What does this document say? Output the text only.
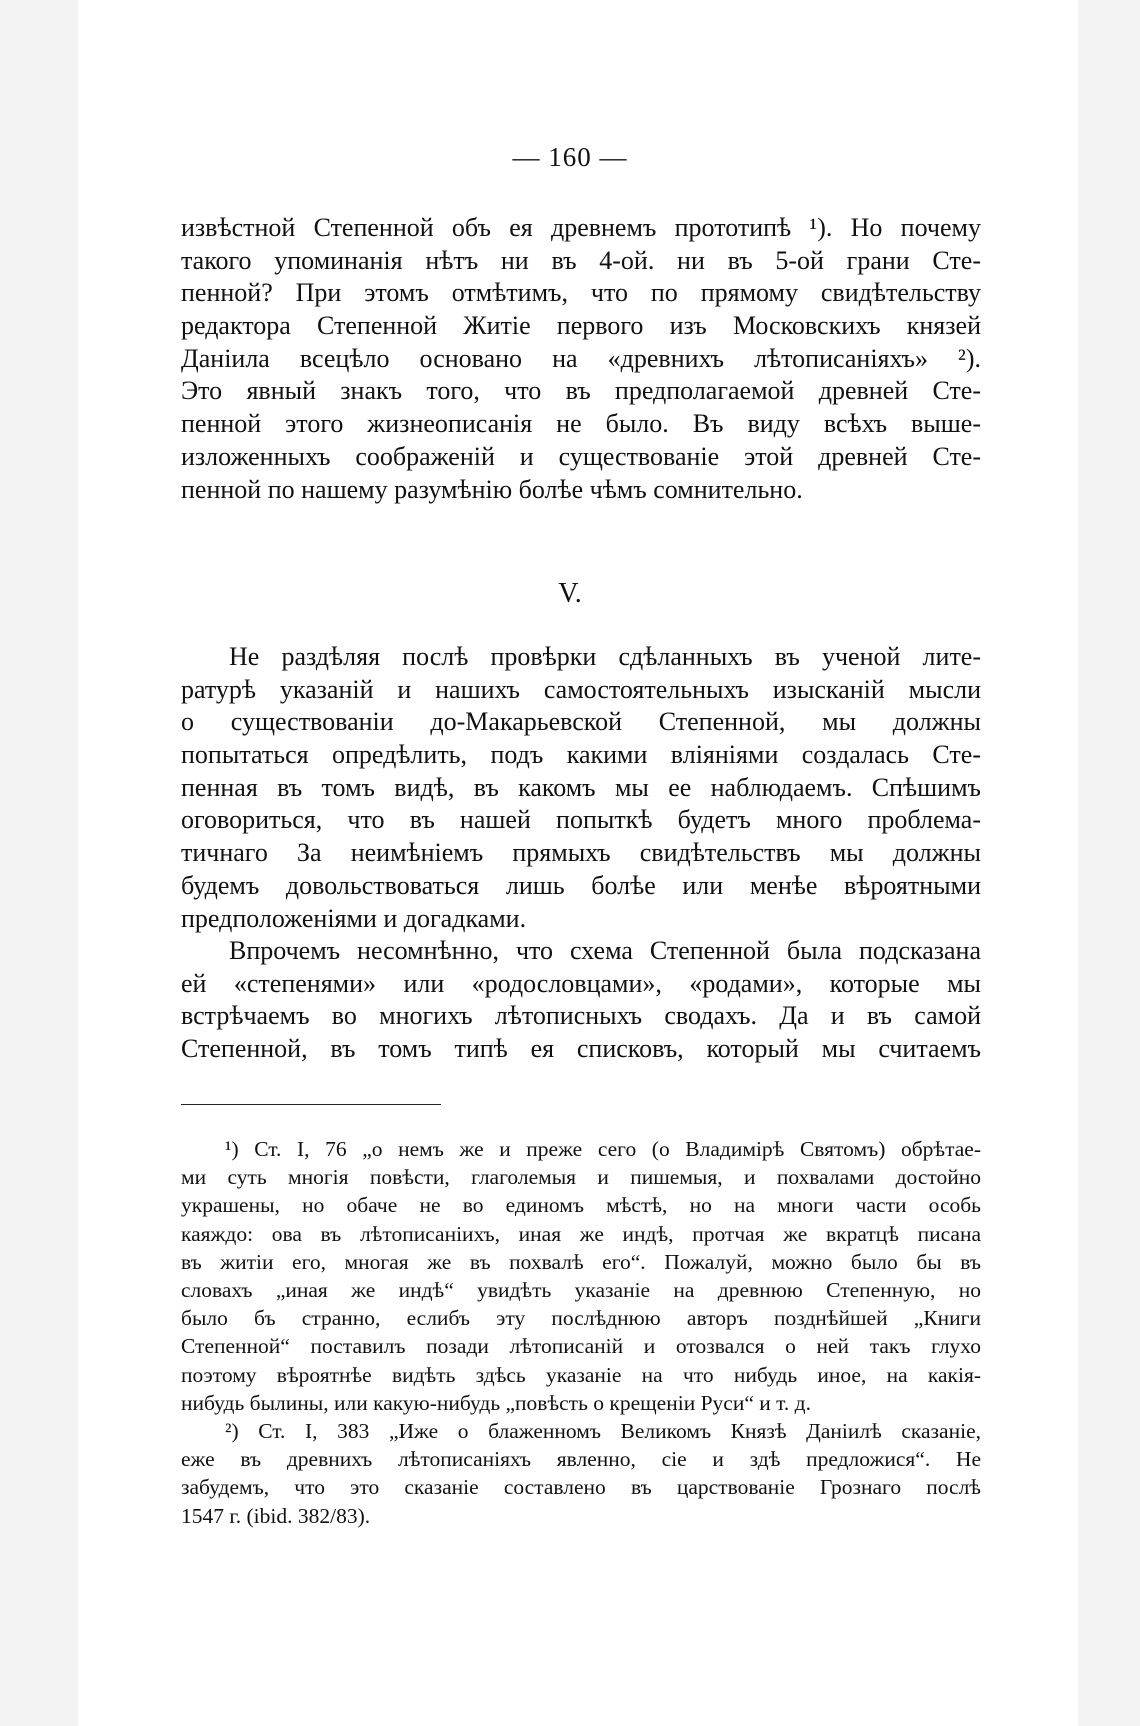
— 160 —
извѣстной Степенной объ ея древнемъ прототипѣ ¹). Но почему
такого упоминанія нѣтъ ни въ 4-ой. ни въ 5-ой грани Сте-
пенной? При этомъ отмѣтимъ, что по прямому свидѣтельству
редактора Степенной Житіе первого изъ Московскихъ князей
Даніила всецѣло основано на «древнихъ лѣтописаніяхъ» ²).
Это явный знакъ того, что въ предполагаемой древней Сте-
пенной этого жизнеописанія не было. Въ виду всѣхъ выше-
изложенныхъ соображеній и существованіе этой древней Сте-
пенной по нашему разумѣнію болѣе чѣмъ сомнительно.
V.
Не раздѣляя послѣ провѣрки сдѣланныхъ въ ученой лите-
ратурѣ указаній и нашихъ самостоятельныхъ изысканій мысли
о существованіи до-Макарьевской Степенной, мы должны
попытаться опредѣлить, подъ какими вліяніями создалась Сте-
пенная въ томъ видѣ, въ какомъ мы ее наблюдаемъ. Спѣшимъ
оговориться, что въ нашей попыткѣ будетъ много проблема-
тичнаго За неимѣніемъ прямыхъ свидѣтельствъ мы должны
будемъ довольствоваться лишь болѣе или менѣе вѣроятными
предположеніями и догадками.
Впрочемъ несомнѣнно, что схема Степенной была подсказана
ей «степенями» или «родословцами», «родами», которые мы
встрѣчаемъ во многихъ лѣтописныхъ сводахъ. Да и въ самой
Степенной, въ томъ типѣ ея списковъ, который мы считаемъ
¹) Ст. I, 76 „о немъ же и преже сего (о Владимірѣ Святомъ) обрѣтае-
ми суть многія повѣсти, глаголемыя и пишемыя, и похвалами достойно
украшены, но обаче не во единомъ мѣстѣ, но на многи части особь
каяждо: ова въ лѣтописаніихъ, иная же индѣ, протчая же вкратцѣ писана
въ житіи его, многая же въ похвалѣ его“. Пожалуй, можно было бы въ
словахъ „иная же индѣ“ увидѣть указаніе на древнюю Степенную, но
было бъ странно, еслибъ эту послѣднюю авторъ позднѣйшей „Книги
Степенной“ поставилъ позади лѣтописаній и отозвался о ней такъ глухо
поэтому вѣроятнѣе видѣть здѣсь указаніе на что нибудь иное, на какія-
нибудь былины, или какую-нибудь „повѣсть о крещеніи Руси“ и т. д.
²) Ст. I, 383 „Иже о блаженномъ Великомъ Князѣ Даніилѣ сказаніе,
еже въ древнихъ лѣтописаніяхъ явленно, сіе и здѣ предложися“. Не
забудемъ, что это сказаніе составлено въ царствованіе Грознаго послѣ
1547 г. (ibid. 382/83).
